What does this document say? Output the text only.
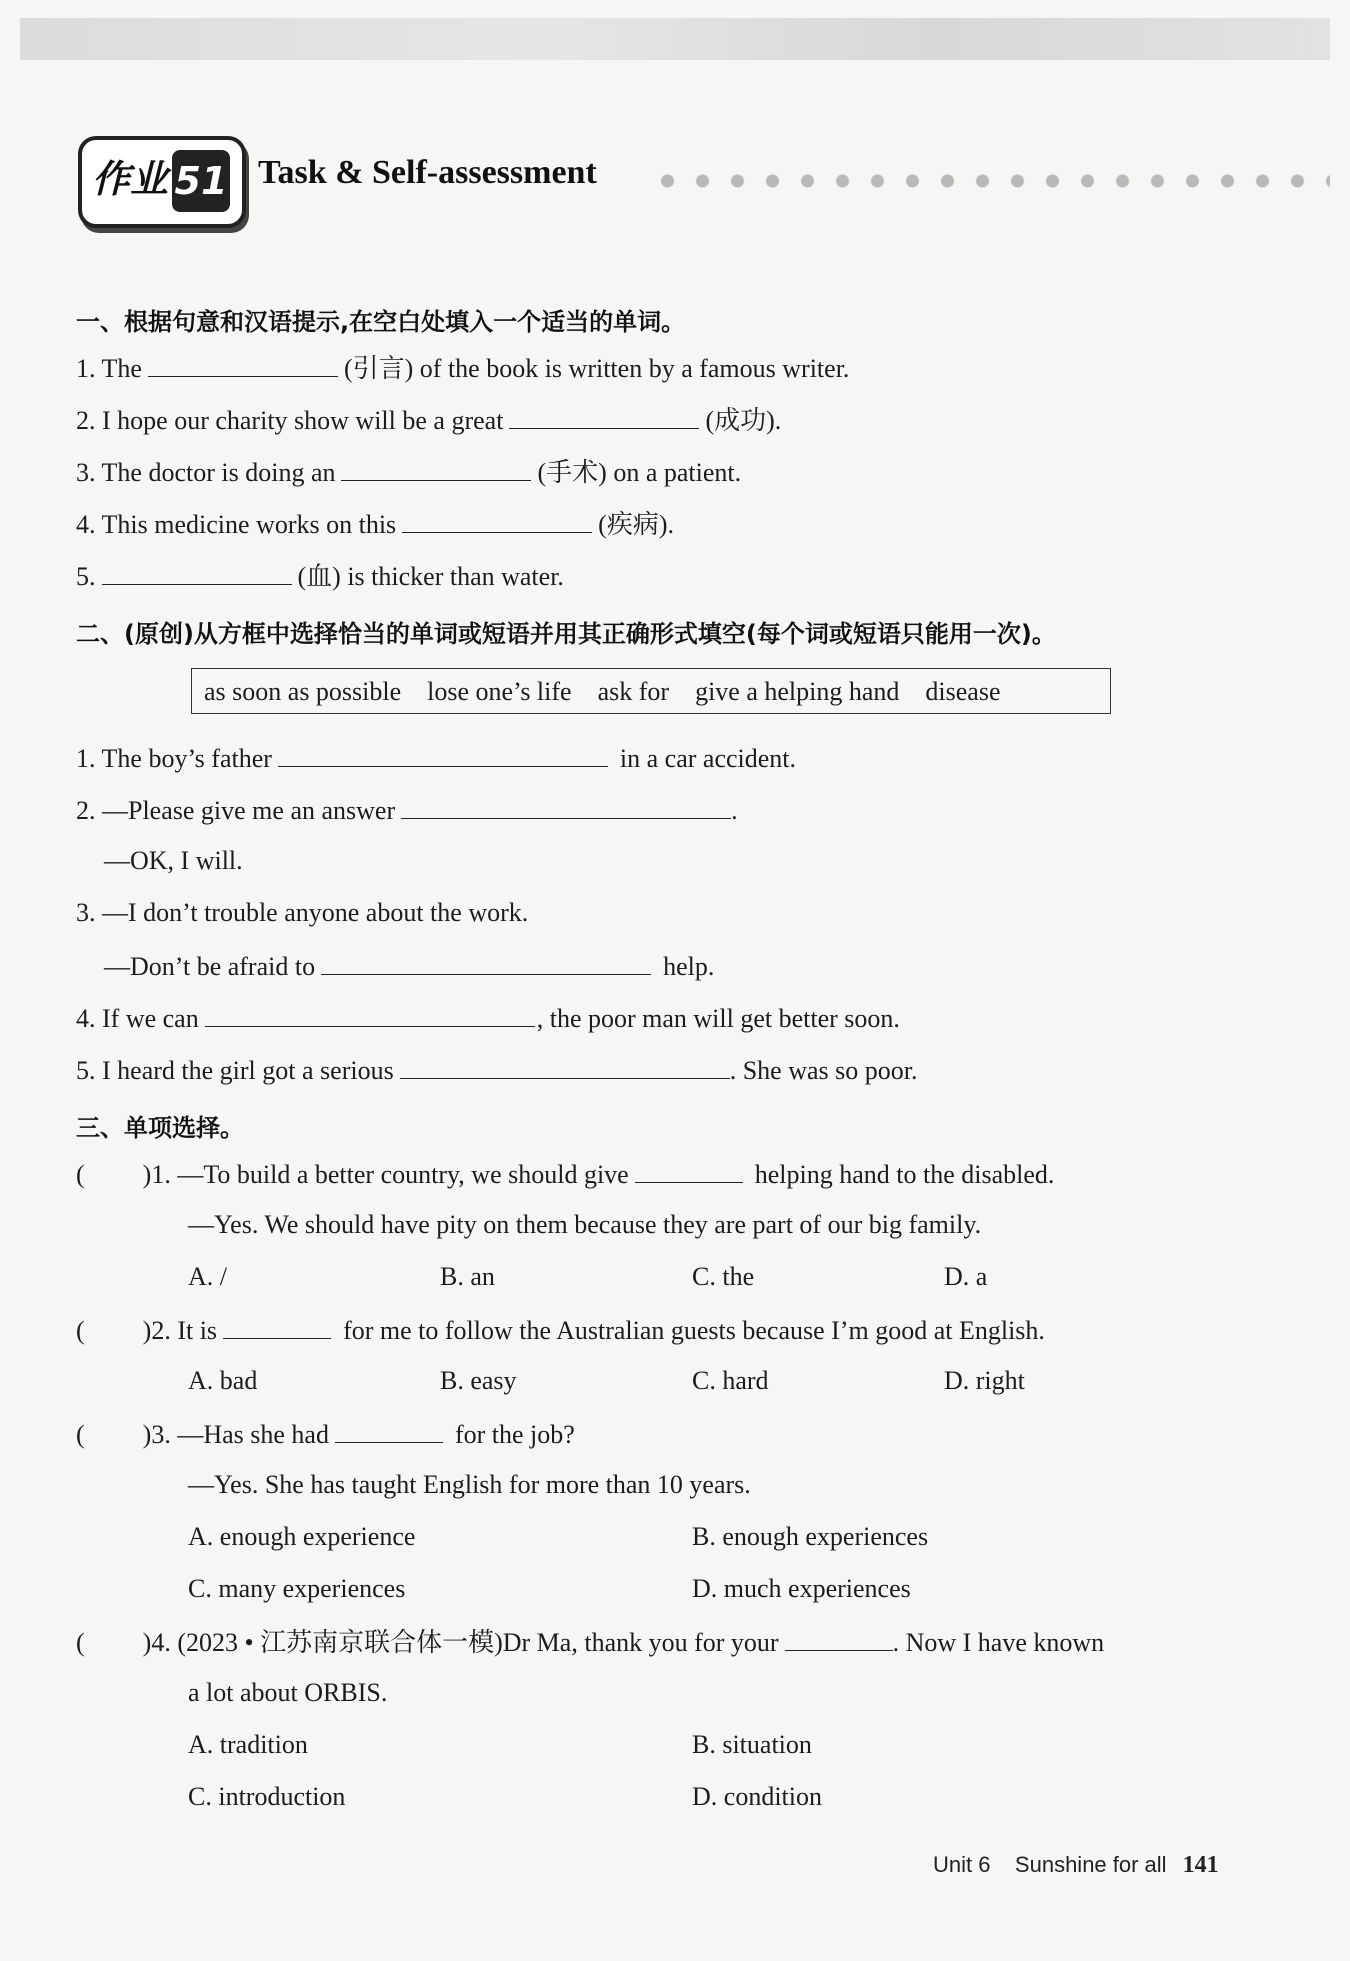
作业 51 Task & Self-assessment
一、根据句意和汉语提示,在空白处填入一个适当的单词。
1. The	(引言) of the book is written by a famous writer.
2. I hope our charity show will be a great	(成功).
3. The doctor is doing an	(手术) on a patient.
4. This medicine works on this	(疾病).
5.	(血) is thicker than water.
二、(原创)从方框中选择恰当的单词或短语并用其正确形式填空(每个词或短语只能用一次)。
as soon as possible lose one’s life ask for give a helping hand disease
1. The boy’s father	in a car accident.
2. —Please give me an answer	.
—OK, I will.
3. —I don’t trouble anyone about the work.
—Don’t be afraid to	help.
4. If we can	, the poor man will get better soon.
5. I heard the girl got a serious	. She was so poor.
三、单项选择。
( )1. —To build a better country, we should give	helping hand to the disabled.
—Yes. We should have pity on them because they are part of our big family.
A. /	B. an	C. the	D. a
( )2. It is	for me to follow the Australian guests because I’m good at English.
A. bad	B. easy	C. hard	D. right
( )3. —Has she had	for the job?
—Yes. She has taught English for more than 10 years.
A. enough experience	B. enough experiences
C. many experiences	D. much experiences
( )4. (2023 • 江苏南京联合体一模)Dr Ma, thank you for your	. Now I have known
a lot about ORBIS.
A. tradition	B. situation
C. introduction	D. condition
Unit 6    Sunshine for all 141
